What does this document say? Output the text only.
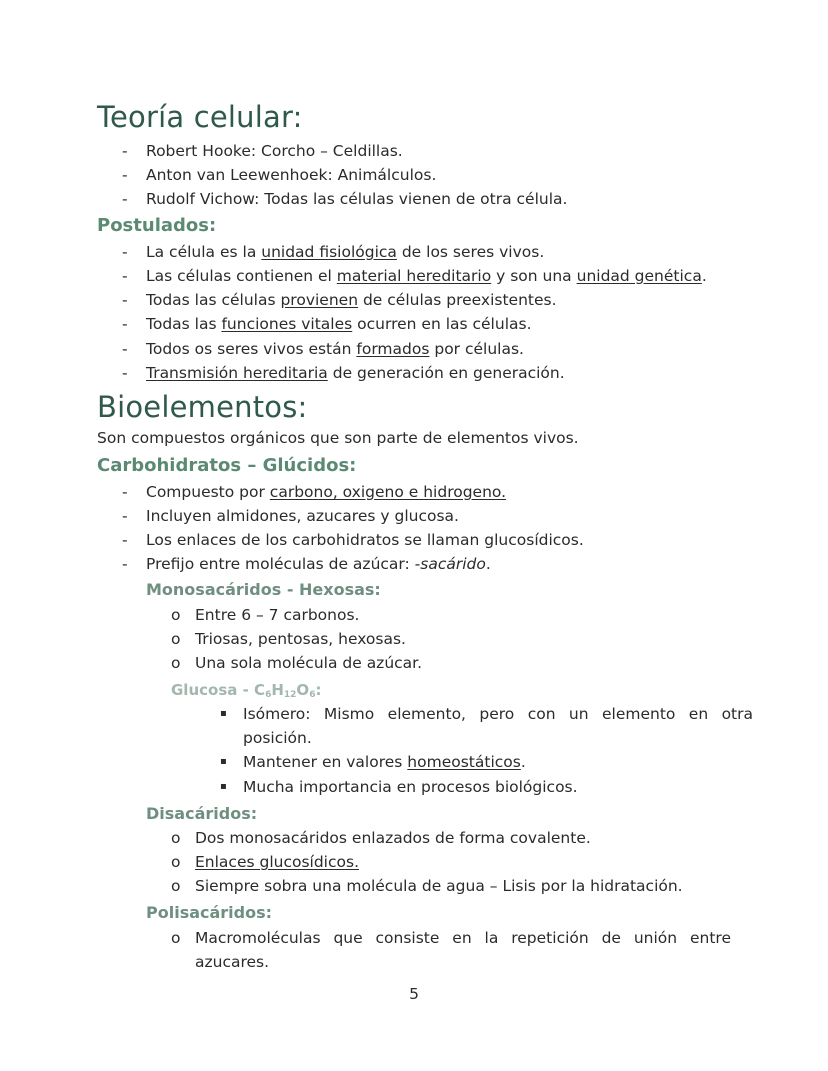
Teoría celular:
- Robert Hooke: Corcho – Celdillas.
- Anton van Leewenhoek: Animálculos.
- Rudolf Vichow: Todas las células vienen de otra célula.
Postulados:
- La célula es la unidad fisiológica de los seres vivos.
- Las células contienen el material hereditario y son una unidad genética.
- Todas las células provienen de células preexistentes.
- Todas las funciones vitales ocurren en las células.
- Todos os seres vivos están formados por células.
- Transmisión hereditaria de generación en generación.
Bioelementos:

Son compuestos orgánicos que son parte de elementos vivos.

Carbohidratos – Glúcidos:
- Compuesto por carbono, oxigeno e hidrogeno.
- Incluyen almidones, azucares y glucosa.
- Los enlaces de los carbohidratos se llaman glucosídicos.
- Prefijo entre moléculas de azúcar: -sacárido.
Monosacáridos - Hexosas:
o Entre 6 – 7 carbonos.
o Triosas, pentosas, hexosas.
o Una sola molécula de azúcar.
Glucosa - $C_6H_{12}O_6$:
▪ Isómero: Mismo elemento, pero con un elemento en otra posición.
▪ Mantener en valores homeostáticos.
▪ Mucha importancia en procesos biológicos.
Disacáridos:
o Dos monosacáridos enlazados de forma covalente.
o Enlaces glucosídicos.
o Siempre sobra una molécula de agua – Lisis por la hidratación.
Polisacáridos:
o Macromoléculas que consiste en la repetición de unión entre azucares.
5
